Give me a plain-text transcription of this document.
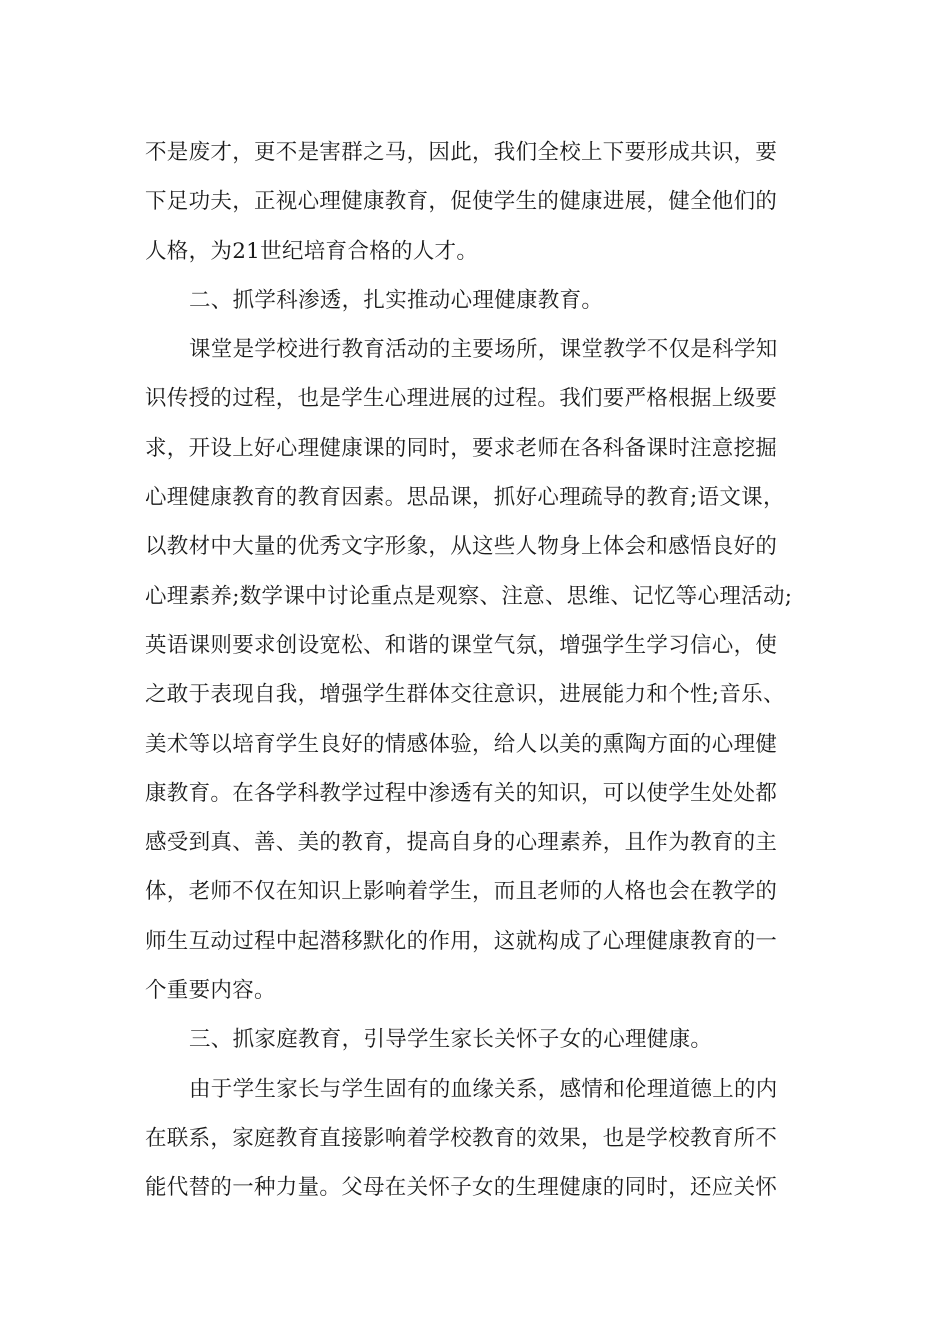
不是废才，更不是害群之马，因此，我们全校上下要形成共识，要
下足功夫，正视心理健康教育，促使学生的健康进展，健全他们的
人格，为21世纪培育合格的人才。
二、抓学科渗透，扎实推动心理健康教育。
课堂是学校进行教育活动的主要场所，课堂教学不仅是科学知
识传授的过程，也是学生心理进展的过程。我们要严格根据上级要
求，开设上好心理健康课的同时，要求老师在各科备课时注意挖掘
心理健康教育的教育因素。思品课，抓好心理疏导的教育;语文课，
以教材中大量的优秀文字形象，从这些人物身上体会和感悟良好的
心理素养;数学课中讨论重点是观察、注意、思维、记忆等心理活动;
英语课则要求创设宽松、和谐的课堂气氛，增强学生学习信心，使
之敢于表现自我，增强学生群体交往意识，进展能力和个性;音乐、
美术等以培育学生良好的情感体验，给人以美的熏陶方面的心理健
康教育。在各学科教学过程中渗透有关的知识，可以使学生处处都
感受到真、善、美的教育，提高自身的心理素养，且作为教育的主
体，老师不仅在知识上影响着学生，而且老师的人格也会在教学的
师生互动过程中起潜移默化的作用，这就构成了心理健康教育的一
个重要内容。
三、抓家庭教育，引导学生家长关怀子女的心理健康。
由于学生家长与学生固有的血缘关系，感情和伦理道德上的内
在联系，家庭教育直接影响着学校教育的效果，也是学校教育所不
能代替的一种力量。父母在关怀子女的生理健康的同时，还应关怀
